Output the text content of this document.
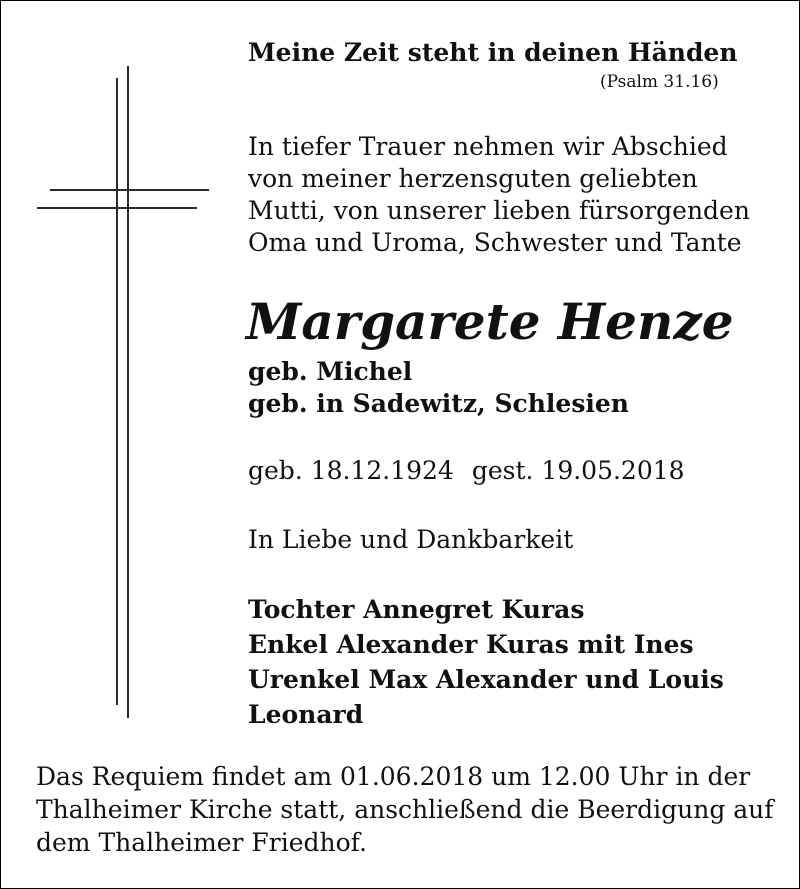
Meine Zeit steht in deinen Händen
(Psalm 31.16)
In tiefer Trauer nehmen wir Abschied
von meiner herzensguten geliebten
Mutti, von unserer lieben fürsorgenden
Oma und Uroma, Schwester und Tante
Margarete Henze
geb. Michel
geb. in Sadewitz, Schlesien
geb. 18.12.1924 gest. 19.05.2018
In Liebe und Dankbarkeit
Tochter Annegret Kuras
Enkel Alexander Kuras mit Ines
Urenkel Max Alexander und Louis
Leonard
Das Requiem findet am 01.06.2018 um 12.00 Uhr in der
Thalheimer Kirche statt, anschließend die Beerdigung auf
dem Thalheimer Friedhof.
